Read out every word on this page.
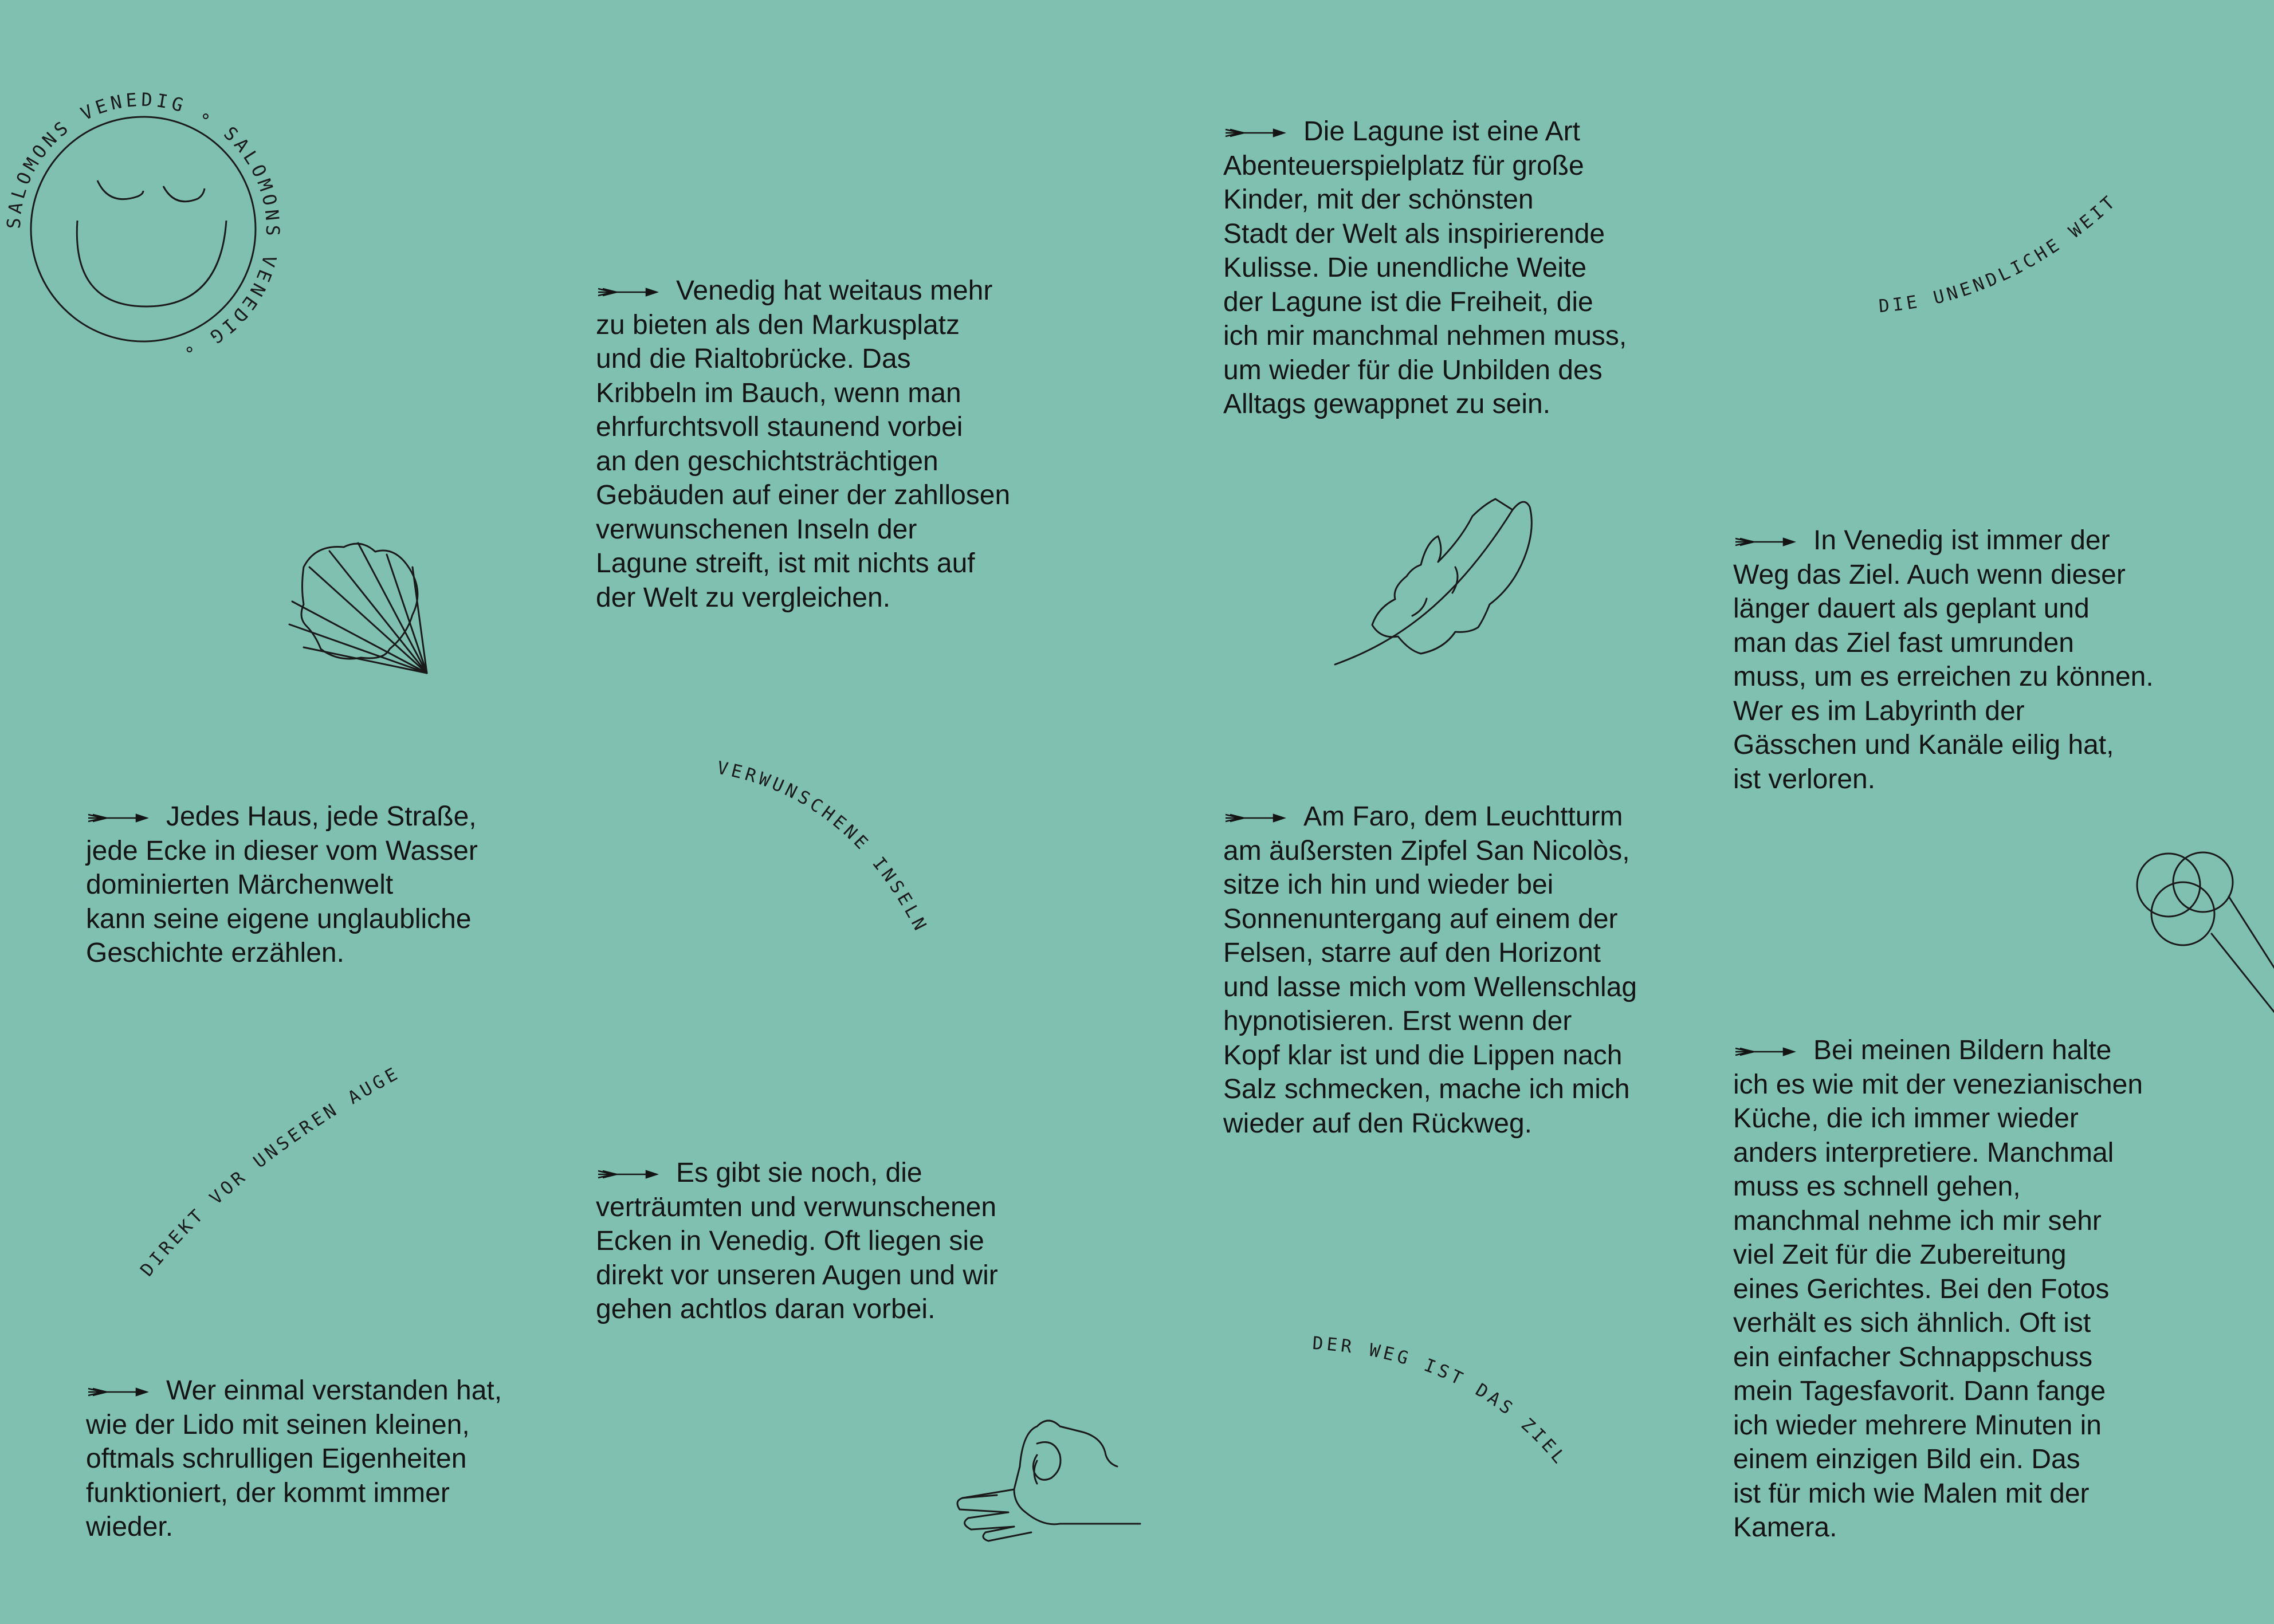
SALOMONS VENEDIG ∘ SALOMONS VENEDIG ∘
DIE UNENDLICHE WEITE
VERWUNSCHENE INSELN
DIREKT VOR UNSEREN AUGEN
DER WEG IST DAS ZIEL
Die Lagune ist eine Art
Abenteuerspielplatz für große
Kinder, mit der schönsten
Stadt der Welt als inspirierende
Kulisse. Die unendliche Weite
der Lagune ist die Freiheit, die
ich mir manchmal nehmen muss,
um wieder für die Unbilden des
Alltags gewappnet zu sein.
Venedig hat weitaus mehr
zu bieten als den Markusplatz
und die Rialtobrücke. Das
Kribbeln im Bauch, wenn man
ehrfurchtsvoll staunend vorbei
an den geschichtsträchtigen
Gebäuden auf einer der zahllosen
verwunschenen Inseln der
Lagune streift, ist mit nichts auf
der Welt zu vergleichen.
In Venedig ist immer der
Weg das Ziel. Auch wenn dieser
länger dauert als geplant und
man das Ziel fast umrunden
muss, um es erreichen zu können.
Wer es im Labyrinth der
Gässchen und Kanäle eilig hat,
ist verloren.
Jedes Haus, jede Straße,
jede Ecke in dieser vom Wasser
dominierten Märchenwelt
kann seine eigene unglaubliche
Geschichte erzählen.
Am Faro, dem Leuchtturm
am äußersten Zipfel San Nicolòs,
sitze ich hin und wieder bei
Sonnenuntergang auf einem der
Felsen, starre auf den Horizont
und lasse mich vom Wellenschlag
hypnotisieren. Erst wenn der
Kopf klar ist und die Lippen nach
Salz schmecken, mache ich mich
wieder auf den Rückweg.
Bei meinen Bildern halte
ich es wie mit der venezianischen
Küche, die ich immer wieder
anders interpretiere. Manchmal
muss es schnell gehen,
manchmal nehme ich mir sehr
viel Zeit für die Zubereitung
eines Gerichtes. Bei den Fotos
verhält es sich ähnlich. Oft ist
ein einfacher Schnappschuss
mein Tagesfavorit. Dann fange
ich wieder mehrere Minuten in
einem einzigen Bild ein. Das
ist für mich wie Malen mit der
Kamera.
Es gibt sie noch, die
verträumten und verwunschenen
Ecken in Venedig. Oft liegen sie
direkt vor unseren Augen und wir
gehen achtlos daran vorbei.
Wer einmal verstanden hat,
wie der Lido mit seinen kleinen,
oftmals schrulligen Eigenheiten
funktioniert, der kommt immer
wieder.
